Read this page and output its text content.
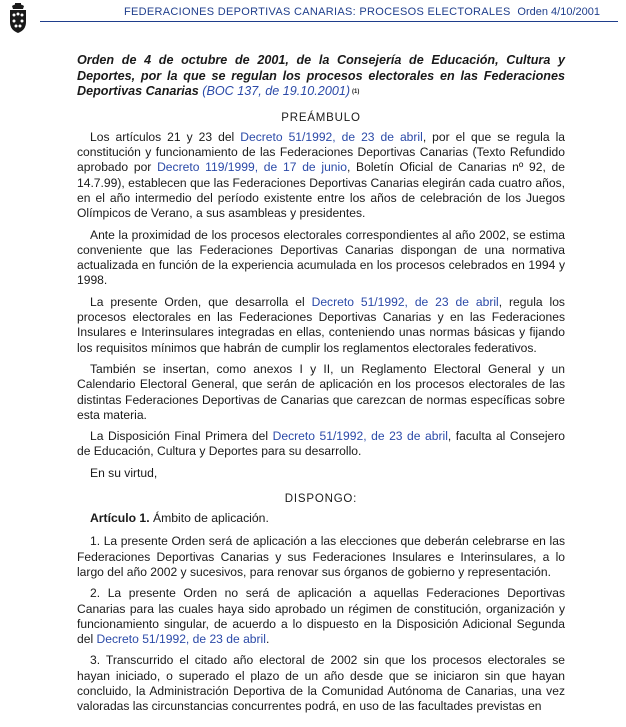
FEDERACIONES DEPORTIVAS CANARIAS: PROCESOS ELECTORALES Orden 4/10/2001

Orden de 4 de octubre de 2001, de la Consejería de Educación, Cultura y Deportes, por la que se regulan los procesos electorales en las Federaciones Deportivas Canarias (BOC 137, de 19.10.2001) $^{(1)}$

PREÁMBULO

Los artículos 21 y 23 del Decreto 51/1992, de 23 de abril, por el que se regula la constitución y funcionamiento de las Federaciones Deportivas Canarias (Texto Refundido aprobado por Decreto 119/1999, de 17 de junio, Boletín Oficial de Canarias nº 92, de 14.7.99), establecen que las Federaciones Deportivas Canarias elegirán cada cuatro años, en el año intermedio del período existente entre los años de celebración de los Juegos Olímpicos de Verano, a sus asambleas y presidentes.

Ante la proximidad de los procesos electorales correspondientes al año 2002, se estima conveniente que las Federaciones Deportivas Canarias dispongan de una normativa actualizada en función de la experiencia acumulada en los procesos celebrados en 1994 y 1998.

La presente Orden, que desarrolla el Decreto 51/1992, de 23 de abril, regula los procesos electorales en las Federaciones Deportivas Canarias y en las Federaciones Insulares e Interinsulares integradas en ellas, conteniendo unas normas básicas y fijando los requisitos mínimos que habrán de cumplir los reglamentos electorales federativos.

También se insertan, como anexos I y II, un Reglamento Electoral General y un Calendario Electoral General, que serán de aplicación en los procesos electorales de las distintas Federaciones Deportivas de Canarias que carezcan de normas específicas sobre esta materia.

La Disposición Final Primera del Decreto 51/1992, de 23 de abril, faculta al Consejero de Educación, Cultura y Deportes para su desarrollo.

En su virtud,

DISPONGO:

Artículo 1. Ámbito de aplicación.

1. La presente Orden será de aplicación a las elecciones que deberán celebrarse en las Federaciones Deportivas Canarias y sus Federaciones Insulares e Interinsulares, a lo largo del año 2002 y sucesivos, para renovar sus órganos de gobierno y representación.

2. La presente Orden no será de aplicación a aquellas Federaciones Deportivas Canarias para las cuales haya sido aprobado un régimen de constitución, organización y funcionamiento singular, de acuerdo a lo dispuesto en la Disposición Adicional Segunda del Decreto 51/1992, de 23 de abril.

3. Transcurrido el citado año electoral de 2002 sin que los procesos electorales se hayan iniciado, o superado el plazo de un año desde que se iniciaron sin que hayan concluido, la Administración Deportiva de la Comunidad Autónoma de Canarias, una vez valoradas las circunstancias concurrentes podrá, en uso de las facultades previstas en
